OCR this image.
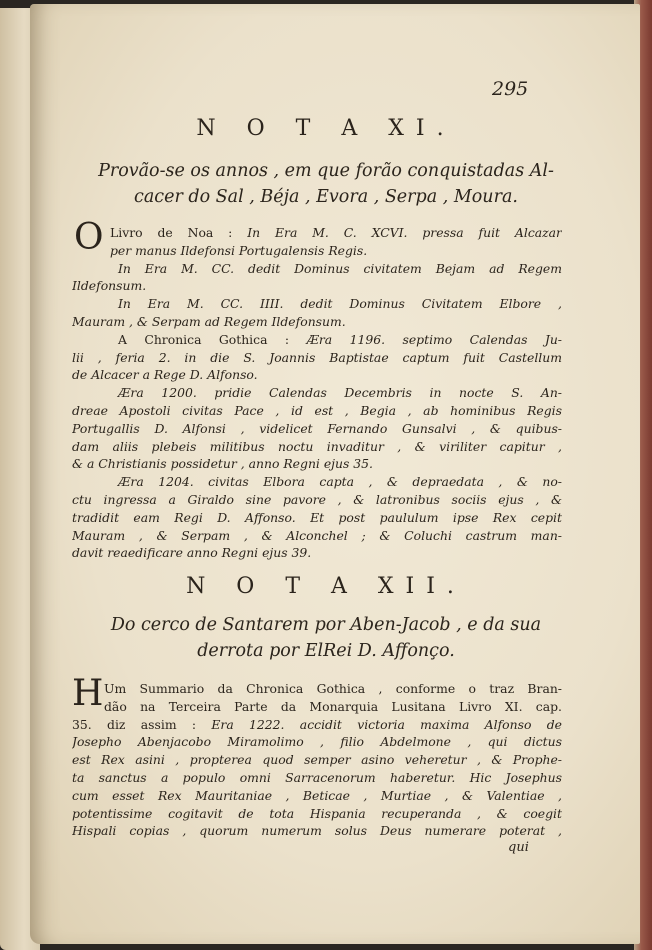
295
N O T A XI.
Provão-se os annos , em que forão conquistadas Al-
cacer do Sal , Béja , Evora , Serpa , Moura.
O Livro de Noa : In Era M. C. XCVI. pressa fuit Alcazar
per manus Ildefonsi Portugalensis Regis.
In Era M. CC. dedit Dominus civitatem Bejam ad Regem
Ildefonsum.
In Era M. CC. IIII. dedit Dominus Civitatem Elbore ,
Mauram , & Serpam ad Regem Ildefonsum.
A Chronica Gothica : Æra 1196. septimo Calendas Ju-
lii , feria 2. in die S. Joannis Baptistae captum fuit Castellum
de Alcacer a Rege D. Alfonso.
Æra 1200. pridie Calendas Decembris in nocte S. An-
dreae Apostoli civitas Pace , id est , Begia , ab hominibus Regis
Portugallis D. Alfonsi , videlicet Fernando Gunsalvi , & quibus-
dam aliis plebeis militibus noctu invaditur , & viriliter capitur ,
& a Christianis possidetur , anno Regni ejus 35.
Æra 1204. civitas Elbora capta , & depraedata , & no-
ctu ingressa a Giraldo sine pavore , & latronibus sociis ejus , &
tradidit eam Regi D. Affonso. Et post paululum ipse Rex cepit
Mauram , & Serpam , & Alconchel ; & Coluchi castrum man-
davit reaedificare anno Regni ejus 39.
N O T A XII.
Do cerco de Santarem por Aben-Jacob , e da sua
derrota por ElRei D. Affonço.
H Um Summario da Chronica Gothica , conforme o traz Bran-
dão na Terceira Parte da Monarquia Lusitana Livro XI. cap.
35. diz assim : Era 1222. accidit victoria maxima Alfonso de
Josepho Abenjacobo Miramolimo , filio Abdelmone , qui dictus
est Rex asini , propterea quod semper asino veheretur , & Prophe-
ta sanctus a populo omni Sarracenorum haberetur. Hic Josephus
cum esset Rex Mauritaniae , Beticae , Murtiae , & Valentiae ,
potentissime cogitavit de tota Hispania recuperanda , & coegit
Hispali copias , quorum numerum solus Deus numerare poterat ,
qui
